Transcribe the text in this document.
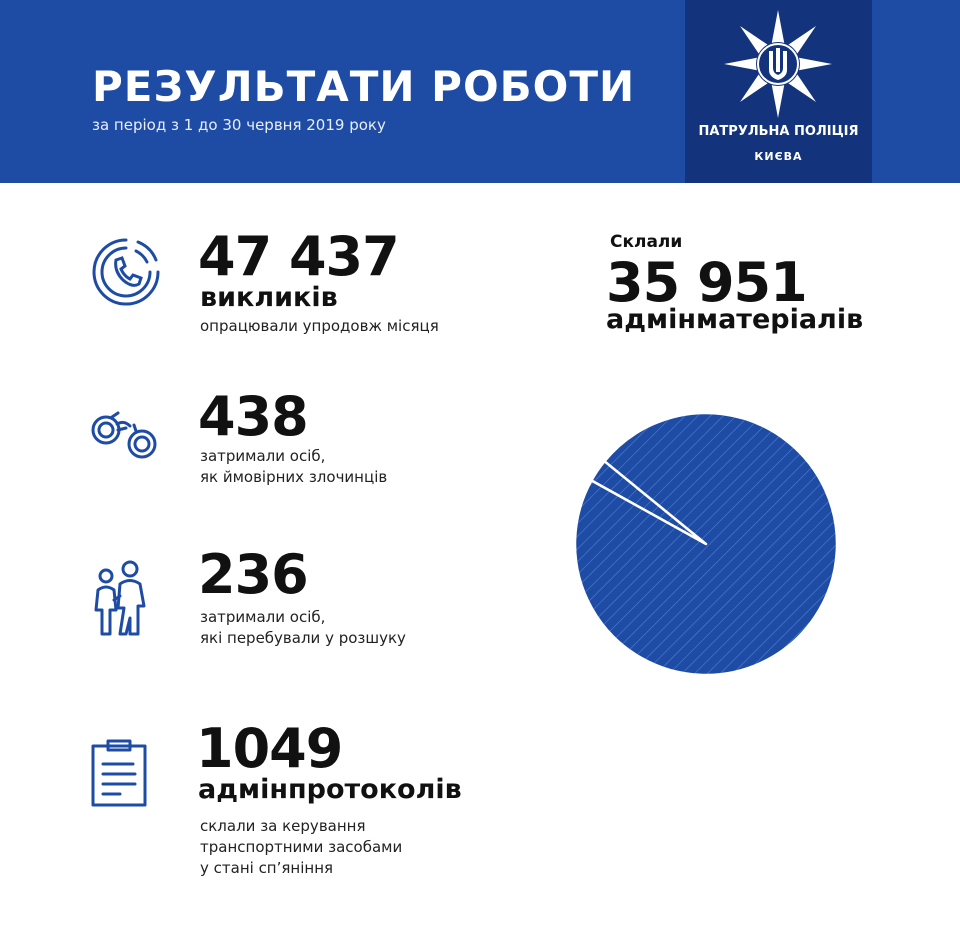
РЕЗУЛЬТАТИ РОБОТИ
за період з 1 до 30 червня 2019 року	ПАТРУЛЬНА ПОЛІЦІЯ
КИЄВА
47 437
викликів
опрацювали упродовж місяця
Склали
35 951
адмінматеріалів
438
затримали осіб,
як ймовірних злочинців
236
затримали осіб,
які перебували у розшуку
1049
адмінпротоколів
склали за керування
транспортними засобами
у стані сп’яніння
